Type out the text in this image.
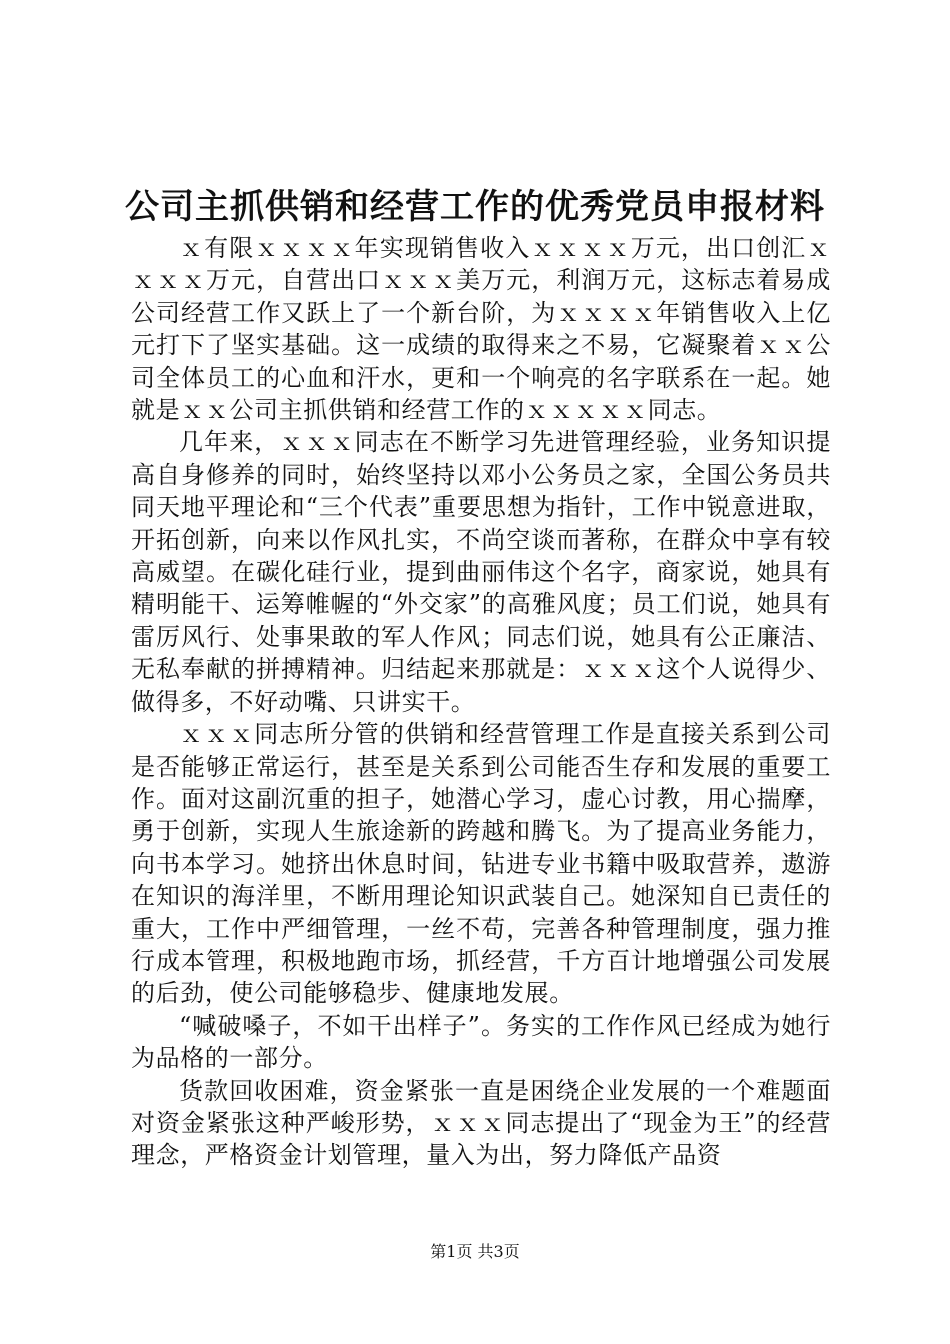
公司主抓供销和经营工作的优秀党员申报材料

ｘ有限ｘｘｘｘ年实现销售收入ｘｘｘｘ万元，出口创汇ｘｘｘｘ万元，自营出口ｘｘｘ美万元，利润万元，这标志着易成公司经营工作又跃上了一个新台阶，为ｘｘｘｘ年销售收入上亿元打下了坚实基础。这一成绩的取得来之不易，它凝聚着ｘｘ公司全体员工的心血和汗水，更和一个响亮的名字联系在一起。她就是ｘｘ公司主抓供销和经营工作的ｘｘｘｘｘ同志。

几年来，ｘｘｘ同志在不断学习先进管理经验，业务知识提高自身修养的同时，始终坚持以邓小公务员之家，全国公务员共同天地平理论和“三个代表”重要思想为指针，工作中锐意进取，开拓创新，向来以作风扎实，不尚空谈而著称，在群众中享有较高威望。在碳化硅行业，提到曲丽伟这个名字，商家说，她具有精明能干、运筹帷幄的“外交家”的高雅风度；员工们说，她具有雷厉风行、处事果敢的军人作风；同志们说，她具有公正廉洁、无私奉献的拼搏精神。归结起来那就是：ｘｘｘ这个人说得少、做得多，不好动嘴、只讲实干。

ｘｘｘ同志所分管的供销和经营管理工作是直接关系到公司是否能够正常运行，甚至是关系到公司能否生存和发展的重要工作。面对这副沉重的担子，她潜心学习，虚心讨教，用心揣摩，勇于创新，实现人生旅途新的跨越和腾飞。为了提高业务能力，向书本学习。她挤出休息时间，钻进专业书籍中吸取营养，遨游在知识的海洋里，不断用理论知识武装自己。她深知自已责任的重大，工作中严细管理，一丝不苟，完善各种管理制度，强力推行成本管理，积极地跑市场，抓经营，千方百计地增强公司发展的后劲，使公司能够稳步、健康地发展。

“喊破嗓子，不如干出样子”。务实的工作作风已经成为她行为品格的一部分。

货款回收困难，资金紧张一直是困绕企业发展的一个难题面对资金紧张这种严峻形势，ｘｘｘ同志提出了“现金为王”的经营理念，严格资金计划管理，量入为出，努力降低产品资

第1页 共3页
